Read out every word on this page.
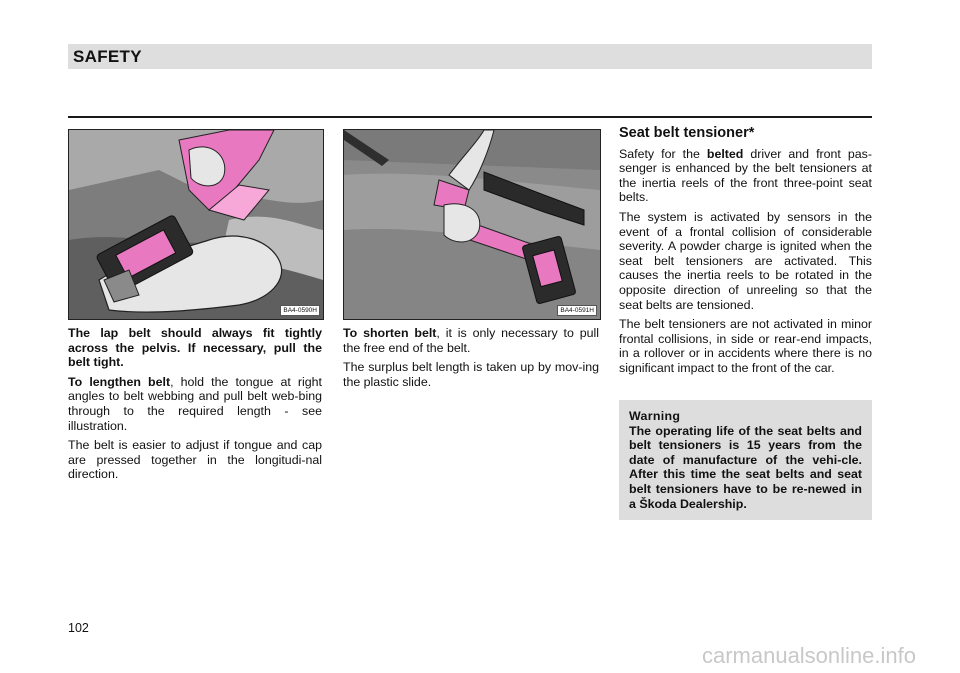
SAFETY
BA4-0590H	BA4-0591H

The lap belt should always fit tightly across the pelvis. If necessary, pull the belt tight.

To lengthen belt, hold the tongue at right angles to belt webbing and pull belt web-bing through to the required length - see illustration.

The belt is easier to adjust if tongue and cap are pressed together in the longitudi-nal direction.

To shorten belt, it is only necessary to pull the free end of the belt.

The surplus belt length is taken up by mov-ing the plastic slide.

Seat belt tensioner*

Safety for the belted driver and front pas-senger is enhanced by the belt tensioners at the inertia reels of the front three-point seat belts.

The system is activated by sensors in the event of a frontal collision of considerable severity. A powder charge is ignited when the seat belt tensioners are activated. This causes the inertia reels to be rotated in the opposite direction of unreeling so that the seat belts are tensioned.

The belt tensioners are not activated in minor frontal collisions, in side or rear-end impacts, in a rollover or in accidents where there is no significant impact to the front of the car.

Warning
The operating life of the seat belts and belt tensioners is 15 years from the date of manufacture of the vehi-cle. After this time the seat belts and seat belt tensioners have to be re-newed in a Škoda Dealership.
102
carmanualsonline.info
